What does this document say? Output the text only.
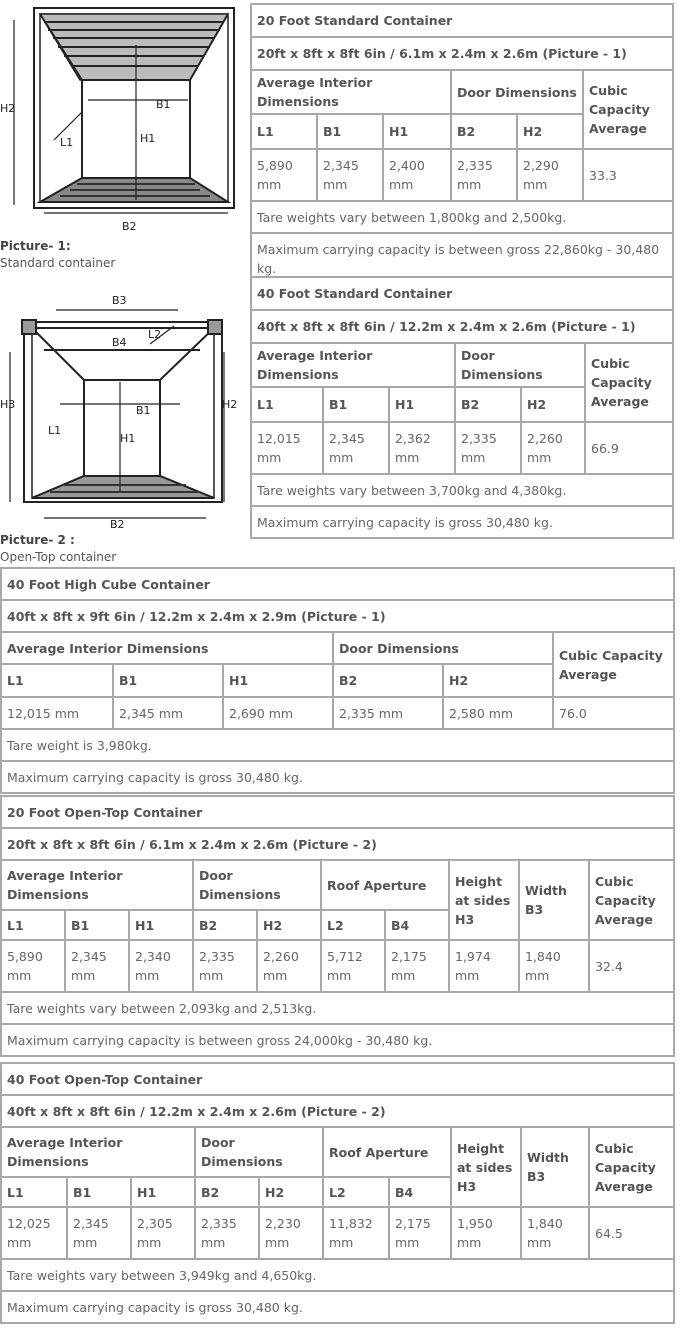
H2	B1
H1
L1
B2
Picture- 1:
Standard container
B3
B4
L2
H3	H2
B1
H1
L1
B2
Picture- 2 :
Open-Top container
20 Foot Standard Container					
20ft x 8ft x 8ft 6in / 6.1m x 2.4m x 2.6m (Picture - 1)					
Average Interior Dimensions			Door Dimensions		Cubic Capacity Average
L1	B1	H1	B2	H2	
5,890 mm	2,345 mm	2,400 mm	2,335 mm	2,290 mm	33.3
Tare weights vary between 1,800kg and 2,500kg.					
Maximum carrying capacity is between gross 22,860kg - 30,480 kg.					
40 Foot Standard Container					
40ft x 8ft x 8ft 6in / 12.2m x 2.4m x 2.6m (Picture - 1)					
Average Interior Dimensions			Door Dimensions		Cubic Capacity Average
L1	B1	H1	B2	H2	
12,015 mm	2,345 mm	2,362 mm	2,335 mm	2,260 mm	66.9
Tare weights vary between 3,700kg and 4,380kg.					
Maximum carrying capacity is gross 30,480 kg.					
40 Foot High Cube Container					
40ft x 8ft x 9ft 6in / 12.2m x 2.4m x 2.9m (Picture - 1)					
Average Interior Dimensions			Door Dimensions		Cubic Capacity Average
L1	B1	H1	B2	H2	
12,015 mm	2,345 mm	2,690 mm	2,335 mm	2,580 mm	76.0
Tare weight is 3,980kg.					
Maximum carrying capacity is gross 30,480 kg.					
20 Foot Open-Top Container									
20ft x 8ft x 8ft 6in / 6.1m x 2.4m x 2.6m (Picture - 2)									
Average Interior Dimensions			Door Dimensions		Roof Aperture		Height at sides H3	Width B3	Cubic Capacity Average
L1	B1	H1	B2	H2	L2	B4			
5,890 mm	2,345 mm	2,340 mm	2,335 mm	2,260 mm	5,712 mm	2,175 mm	1,974 mm	1,840 mm	32.4
Tare weights vary between 2,093kg and 2,513kg.									
Maximum carrying capacity is between gross 24,000kg - 30,480 kg.									
40 Foot Open-Top Container									
40ft x 8ft x 8ft 6in / 12.2m x 2.4m x 2.6m (Picture - 2)									
Average Interior Dimensions			Door Dimensions		Roof Aperture		Height at sides H3	Width B3	Cubic Capacity Average
L1	B1	H1	B2	H2	L2	B4			
12,025 mm	2,345 mm	2,305 mm	2,335 mm	2,230 mm	11,832 mm	2,175 mm	1,950 mm	1,840 mm	64.5
Tare weights vary between 3,949kg and 4,650kg.									
Maximum carrying capacity is gross 30,480 kg.									
